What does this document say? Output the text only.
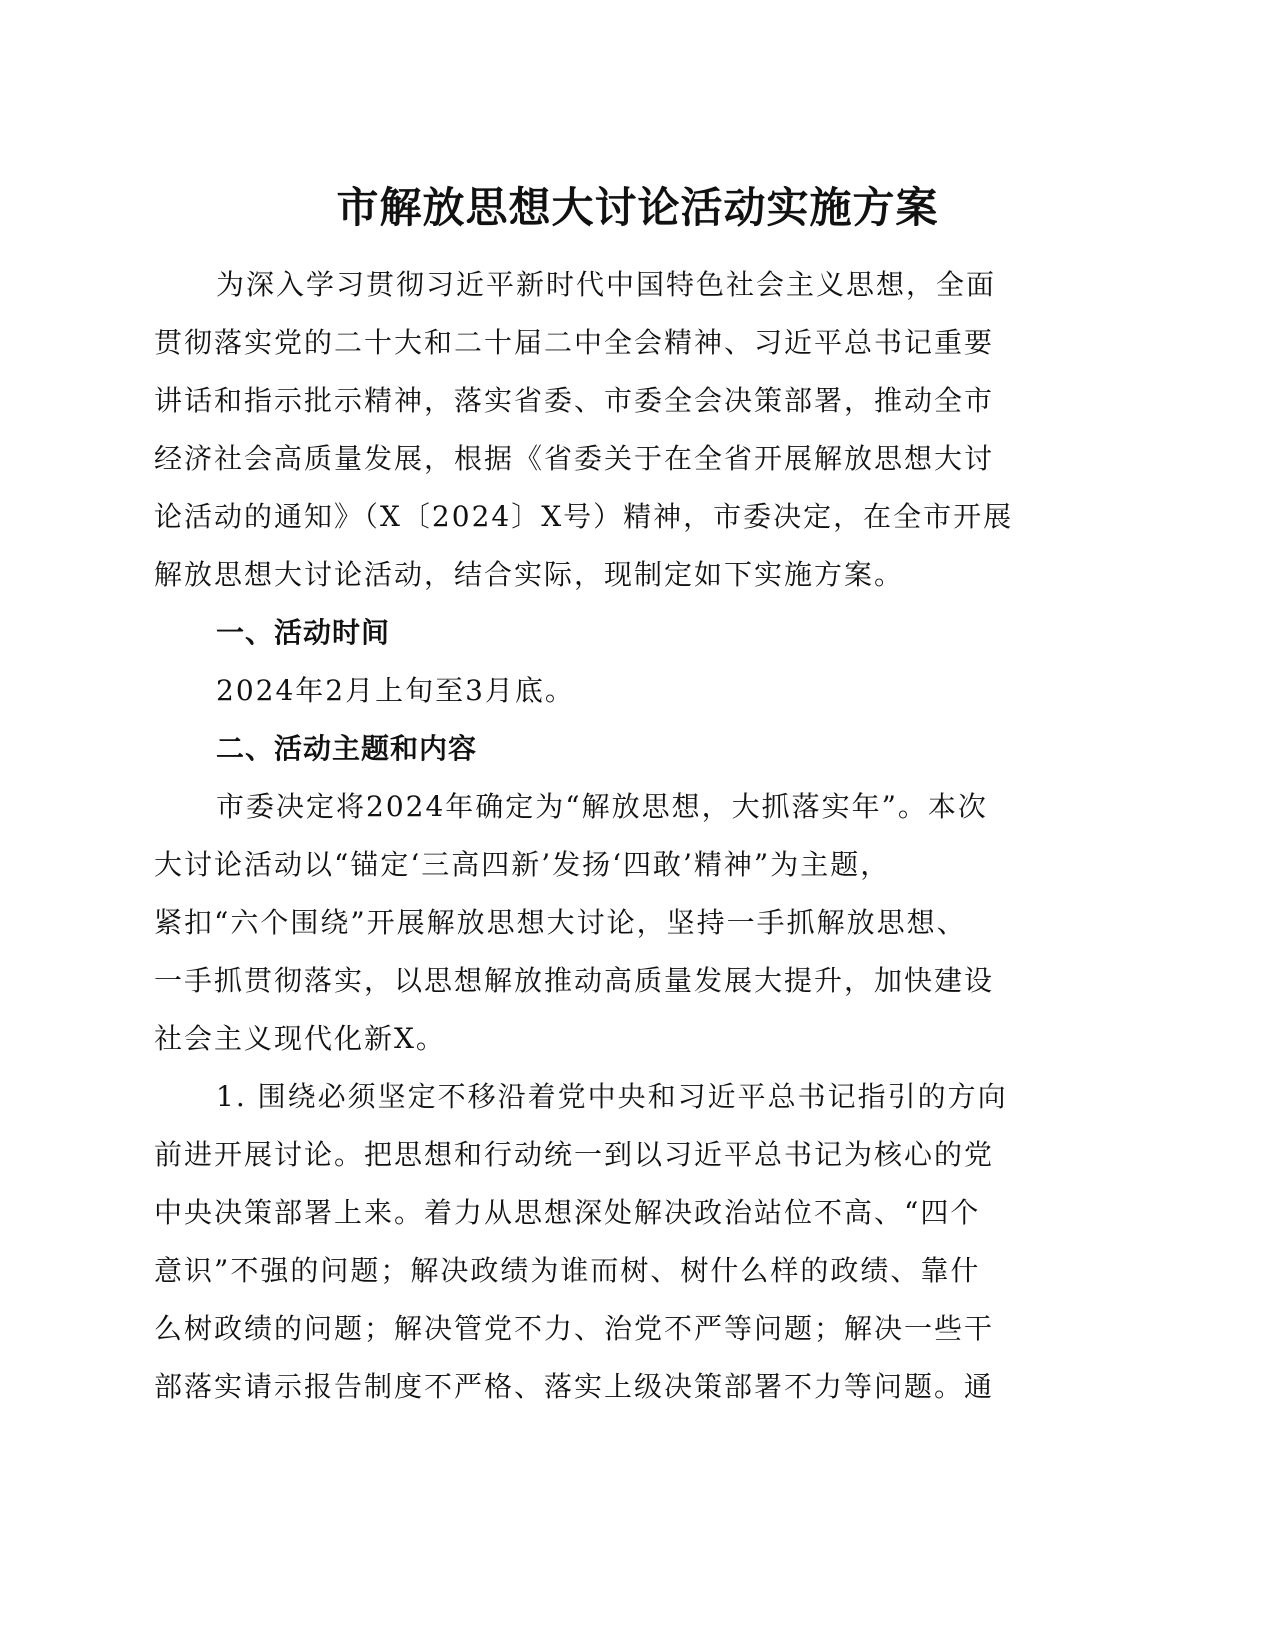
市解放思想大讨论活动实施方案
为深入学习贯彻习近平新时代中国特色社会主义思想，全面
贯彻落实党的二十大和二十届二中全会精神、习近平总书记重要
讲话和指示批示精神，落实省委、市委全会决策部署，推动全市
经济社会高质量发展，根据《省委关于在全省开展解放思想大讨
论活动的通知》（X〔2024〕X号）精神，市委决定，在全市开展
解放思想大讨论活动，结合实际，现制定如下实施方案。
一、活动时间
2024年2月上旬至3月底。
二、活动主题和内容
市委决定将2024年确定为“解放思想，大抓落实年”。本次
大讨论活动以“锚定‘三高四新’发扬‘四敢’精神”为主题，
紧扣“六个围绕”开展解放思想大讨论，坚持一手抓解放思想、
一手抓贯彻落实，以思想解放推动高质量发展大提升，加快建设
社会主义现代化新X。
1. 围绕必须坚定不移沿着党中央和习近平总书记指引的方向
前进开展讨论。把思想和行动统一到以习近平总书记为核心的党
中央决策部署上来。着力从思想深处解决政治站位不高、“四个
意识”不强的问题；解决政绩为谁而树、树什么样的政绩、靠什
么树政绩的问题；解决管党不力、治党不严等问题；解决一些干
部落实请示报告制度不严格、落实上级决策部署不力等问题。通
